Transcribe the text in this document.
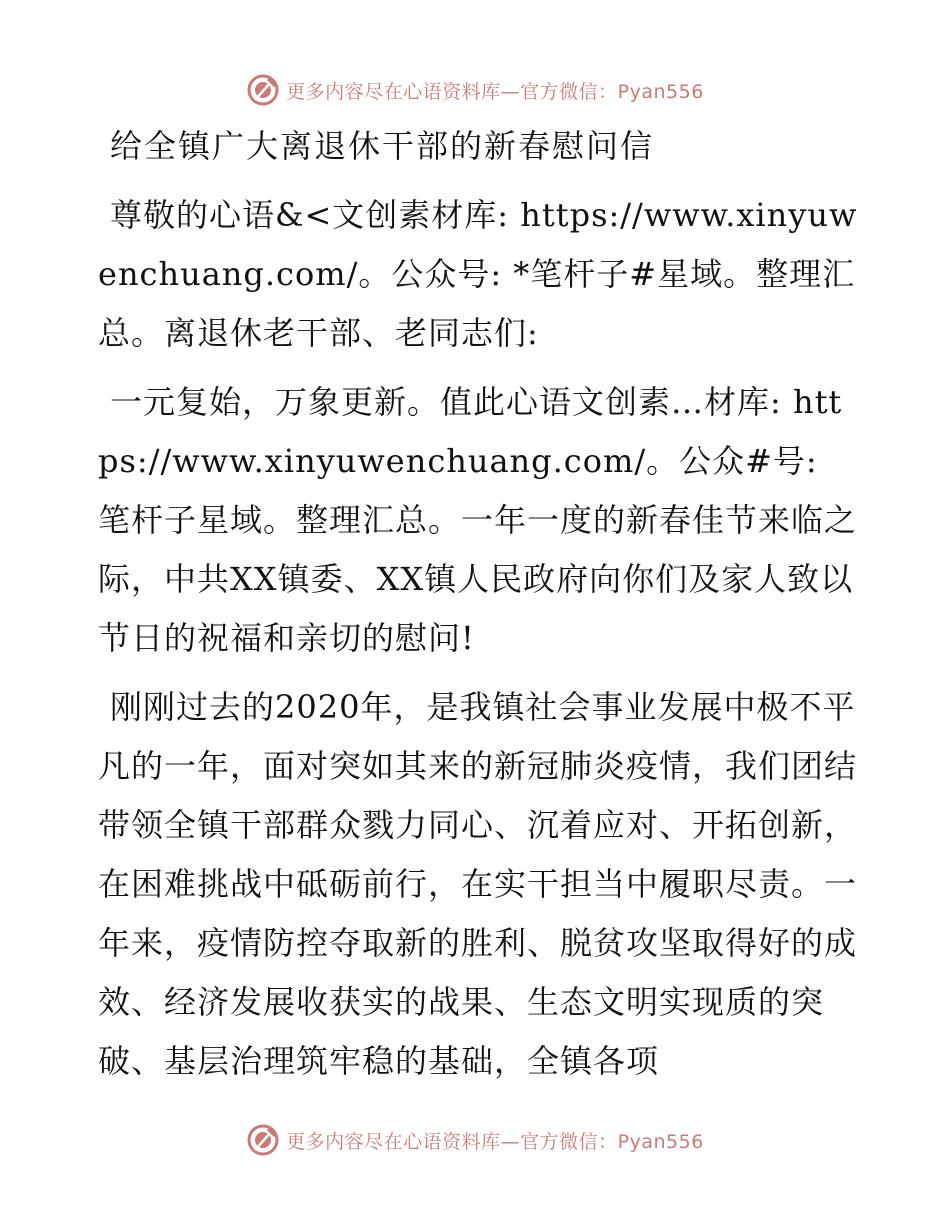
更多内容尽在心语资料库—官方微信：Pyan556
给全镇广大离退休干部的新春慰问信

尊敬的心语&<文创素材库: https://www.xinyuwenchuang.com/。公众号: *笔杆子#星域。整理汇总。离退休老干部、老同志们:

一元复始，万象更新。值此心语文创素…材库: https://www.xinyuwenchuang.com/。公众#号: 笔杆子星域。整理汇总。一年一度的新春佳节来临之际，中共XX镇委、XX镇人民政府向你们及家人致以节日的祝福和亲切的慰问!

刚刚过去的2020年，是我镇社会事业发展中极不平凡的一年，面对突如其来的新冠肺炎疫情，我们团结带领全镇干部群众戮力同心、沉着应对、开拓创新，在困难挑战中砥砺前行，在实干担当中履职尽责。一年来，疫情防控夺取新的胜利、脱贫攻坚取得好的成效、经济发展收获实的战果、生态文明实现质的突破、基层治理筑牢稳的基础，全镇各项

更多内容尽在心语资料库—官方微信：Pyan556
